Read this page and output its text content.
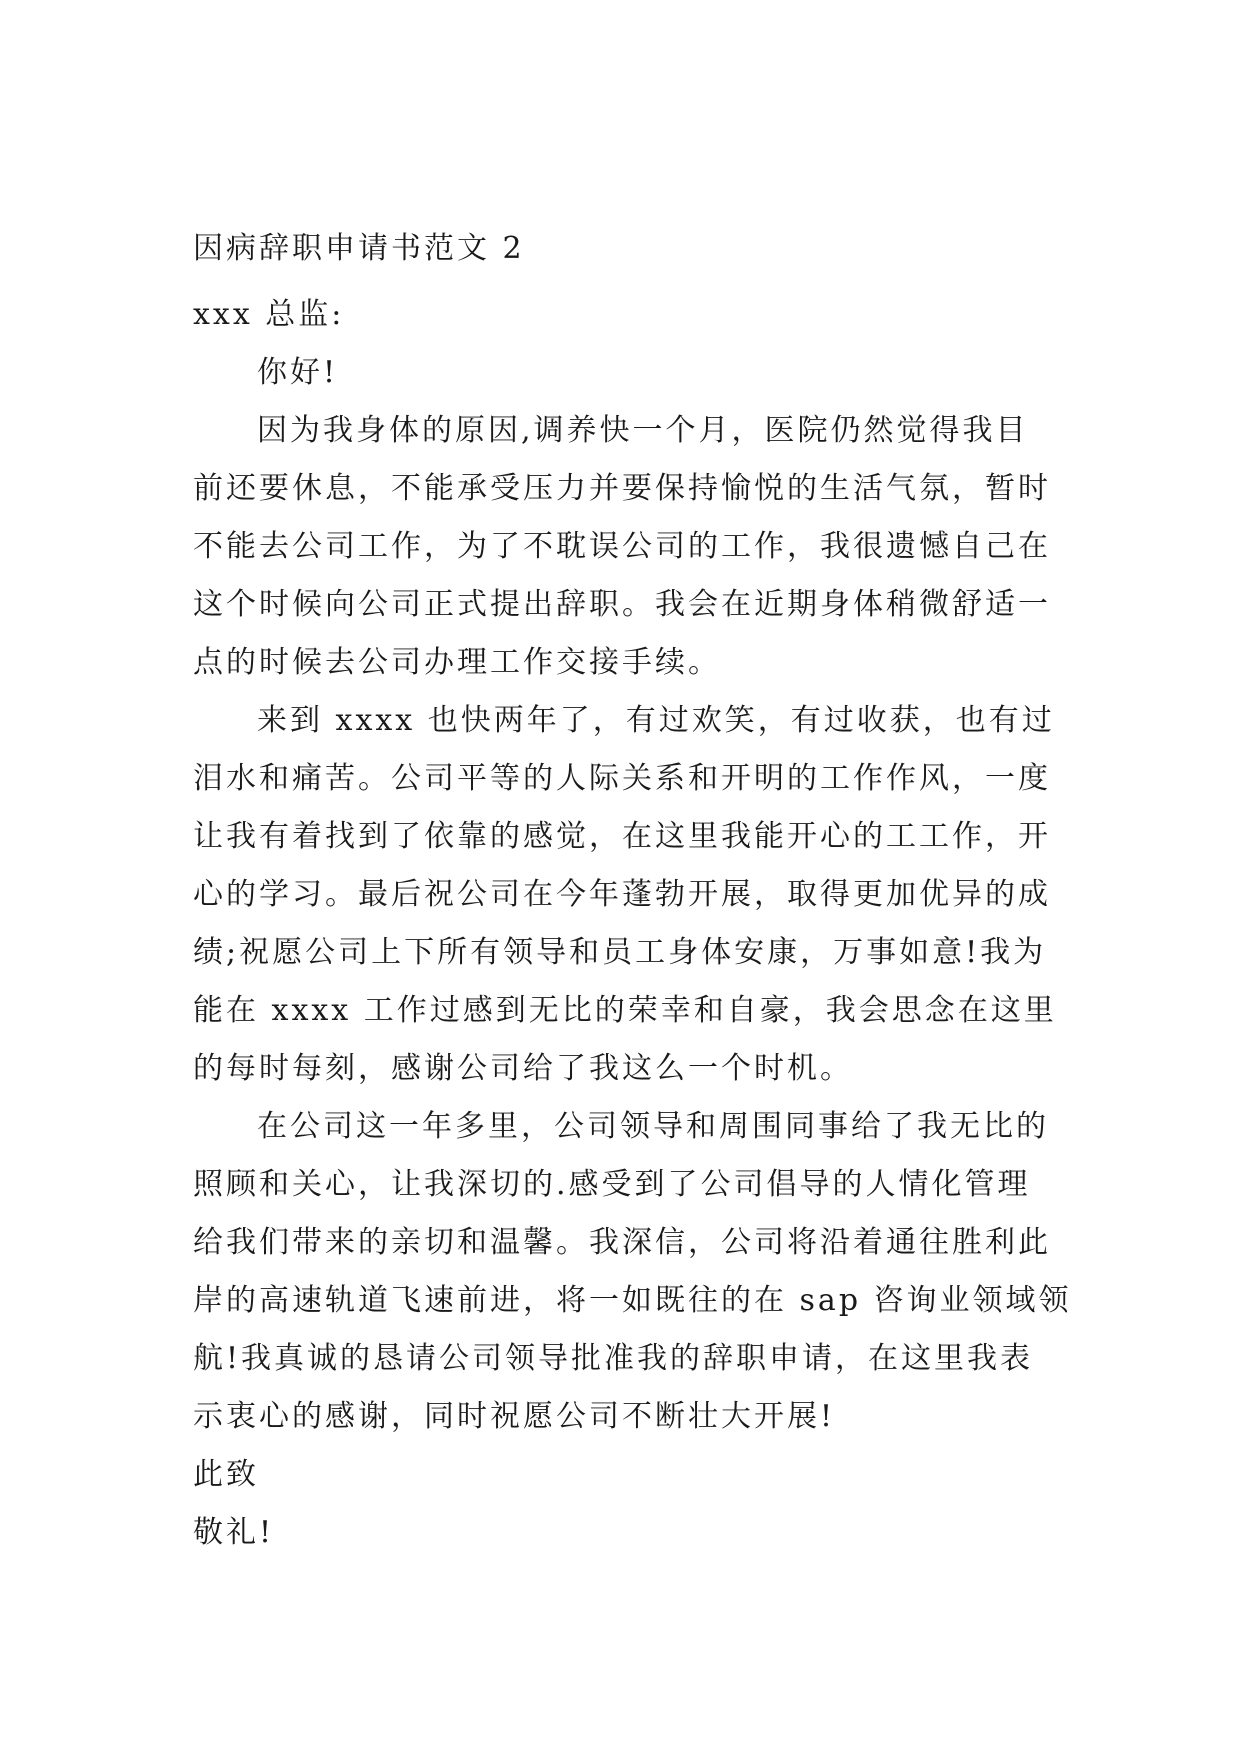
因病辞职申请书范文 2
xxx 总监:
你好!
因为我身体的原因,调养快一个月，医院仍然觉得我目
前还要休息，不能承受压力并要保持愉悦的生活气氛，暂时
不能去公司工作，为了不耽误公司的工作，我很遗憾自己在
这个时候向公司正式提出辞职。我会在近期身体稍微舒适一
点的时候去公司办理工作交接手续。
来到 xxxx 也快两年了，有过欢笑，有过收获，也有过
泪水和痛苦。公司平等的人际关系和开明的工作作风，一度
让我有着找到了依靠的感觉，在这里我能开心的工工作，开
心的学习。最后祝公司在今年蓬勃开展，取得更加优异的成
绩;祝愿公司上下所有领导和员工身体安康，万事如意!我为
能在 xxxx 工作过感到无比的荣幸和自豪，我会思念在这里
的每时每刻，感谢公司给了我这么一个时机。
在公司这一年多里，公司领导和周围同事给了我无比的
照顾和关心，让我深切的.感受到了公司倡导的人情化管理
给我们带来的亲切和温馨。我深信，公司将沿着通往胜利此
岸的高速轨道飞速前进，将一如既往的在 sap 咨询业领域领
航!我真诚的恳请公司领导批准我的辞职申请，在这里我表
示衷心的感谢，同时祝愿公司不断壮大开展!
此致
敬礼!
